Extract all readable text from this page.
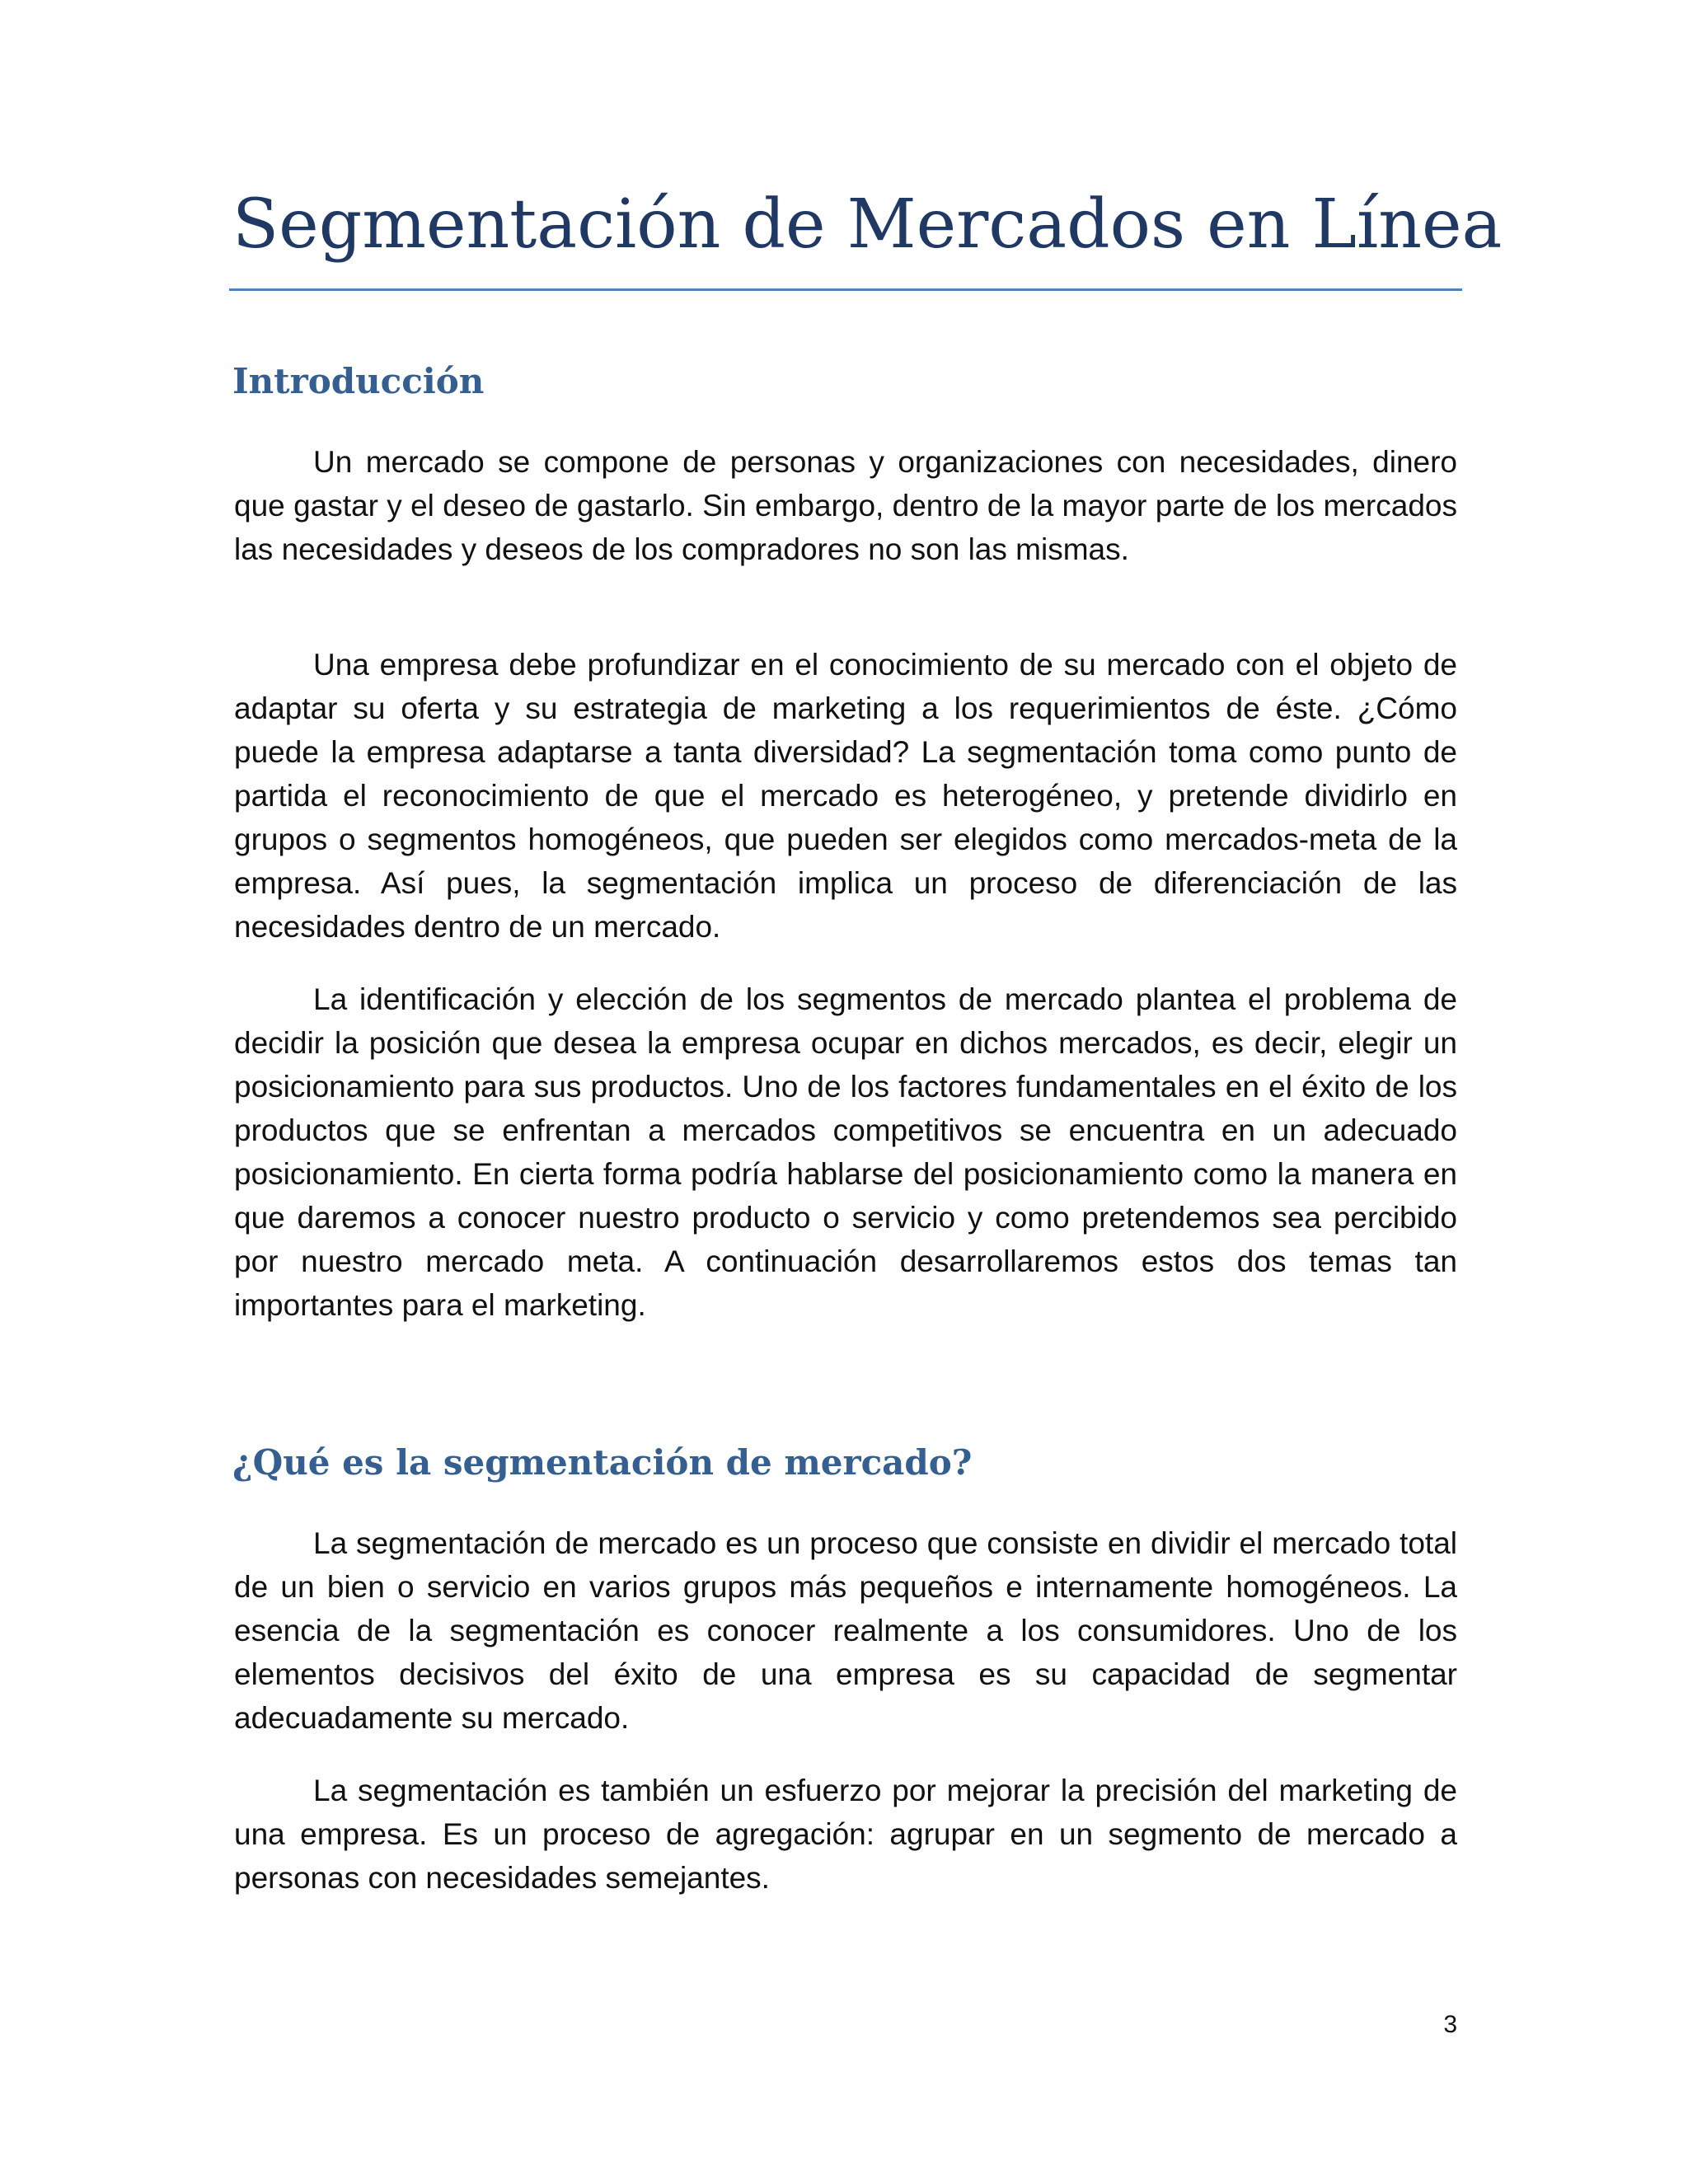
Segmentación de Mercados en Línea
Introducción

Un mercado se compone de personas y organizaciones con necesidades, dinero que gastar y el deseo de gastarlo. Sin embargo, dentro de la mayor parte de los mercados las necesidades y deseos de los compradores no son las mismas.

Una empresa debe profundizar en el conocimiento de su mercado con el objeto de adaptar su oferta y su estrategia de marketing a los requerimientos de éste. ¿Cómo puede la empresa adaptarse a tanta diversidad? La segmentación toma como punto de partida el reconocimiento de que el mercado es heterogéneo, y pretende dividirlo en grupos o segmentos homogéneos, que pueden ser elegidos como mercados-meta de la empresa. Así pues, la segmentación implica un proceso de diferenciación de las necesidades dentro de un mercado.

La identificación y elección de los segmentos de mercado plantea el problema de decidir la posición que desea la empresa ocupar en dichos mercados, es decir, elegir un posicionamiento para sus productos. Uno de los factores fundamentales en el éxito de los productos que se enfrentan a mercados competitivos se encuentra en un adecuado posicionamiento. En cierta forma podría hablarse del posicionamiento como la manera en que daremos a conocer nuestro producto o servicio y como pretendemos sea percibido por nuestro mercado meta. A continuación desarrollaremos estos dos temas tan importantes para el marketing.

¿Qué es la segmentación de mercado?

La segmentación de mercado es un proceso que consiste en dividir el mercado total de un bien o servicio en varios grupos más pequeños e internamente homogéneos. La esencia de la segmentación es conocer realmente a los consumidores. Uno de los elementos decisivos del éxito de una empresa es su capacidad de segmentar adecuadamente su mercado.

La segmentación es también un esfuerzo por mejorar la precisión del marketing de una empresa. Es un proceso de agregación: agrupar en un segmento de mercado a personas con necesidades semejantes.

3
